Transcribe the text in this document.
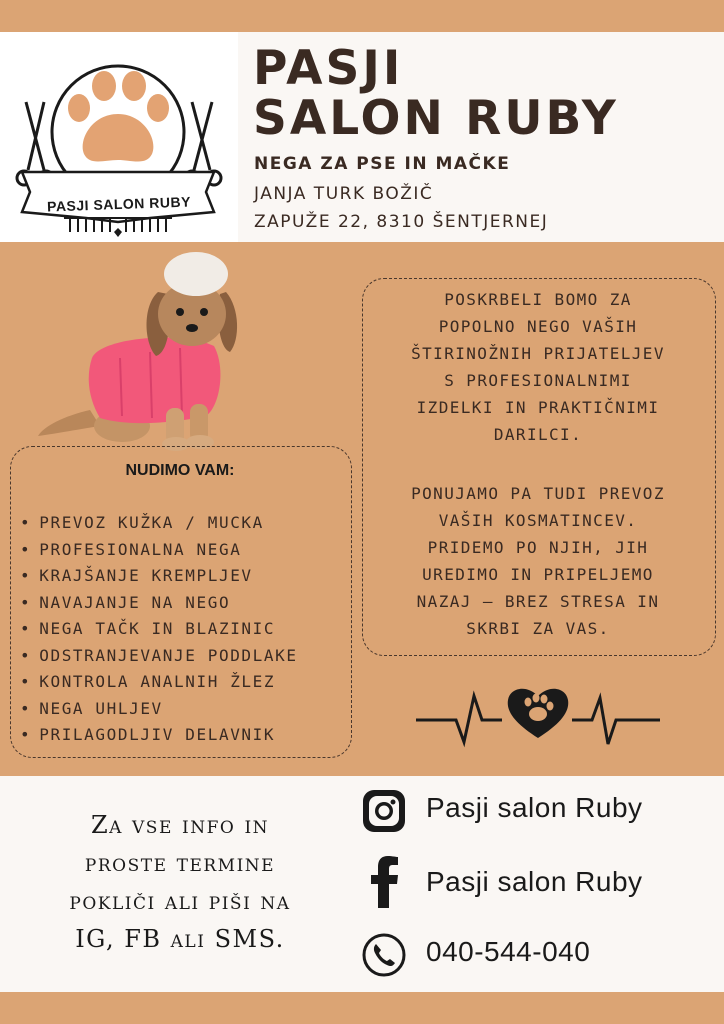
PASJI SALON RUBY
PASJI
SALON RUBY
NEGA ZA PSE IN MAČKE
JANJA TURK BOŽIČ
ZAPUŽE 22, 8310 ŠENTJERNEJ
NUDIMO VAM:
• PREVOZ KUŽKA / MUCKA
• PROFESIONALNA NEGA
• KRAJŠANJE KREMPLJEV
• NAVAJANJE NA NEGO
• NEGA TAČK IN BLAZINIC
• ODSTRANJEVANJE PODDLAKE
• KONTROLA ANALNIH ŽLEZ
• NEGA UHLJEV
• PRILAGODLJIV DELAVNIK
POSKRBELI BOMO ZA
POPOLNO NEGO VAŠIH
ŠTIRINOŽNIH PRIJATELJEV
S PROFESIONALNIMI
IZDELKI IN PRAKTIČNIMI
DARILCI.
PONUJAMO PA TUDI PREVOZ
VAŠIH KOSMATINCEV.
PRIDEMO PO NJIH, JIH
UREDIMO IN PRIPELJEMO
NAZAJ – BREZ STRESA IN
SKRBI ZA VAS.
Za vse info in
proste termine
pokliči ali piši na
IG, FB ali SMS.
Pasji salon Ruby
Pasji salon Ruby
040-544-040
